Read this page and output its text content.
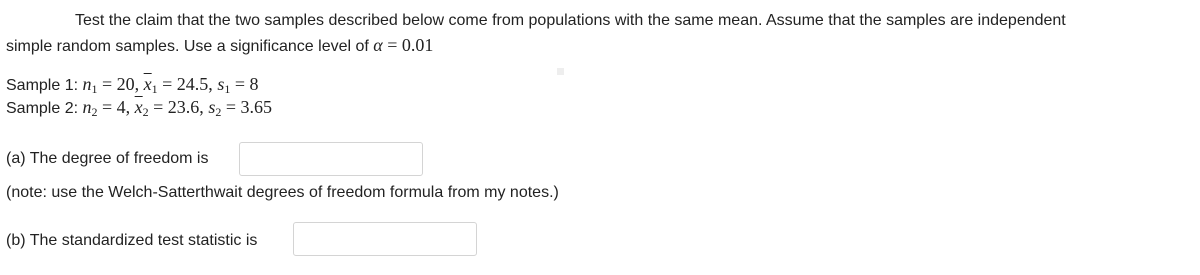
Test the claim that the two samples described below come from populations with the same mean. Assume that the samples are independent
simple random samples. Use a significance level of α = 0.01
Sample 1: $n_1 = 20$, $\overline{x}_1 = 24.5$, $s_1 = 8$
Sample 2: $n_2 = 4$, $\overline{x}_2 = 23.6$, $s_2 = 3.65$
(a) The degree of freedom is
(note: use the Welch-Satterthwait degrees of freedom formula from my notes.)
(b) The standardized test statistic is
